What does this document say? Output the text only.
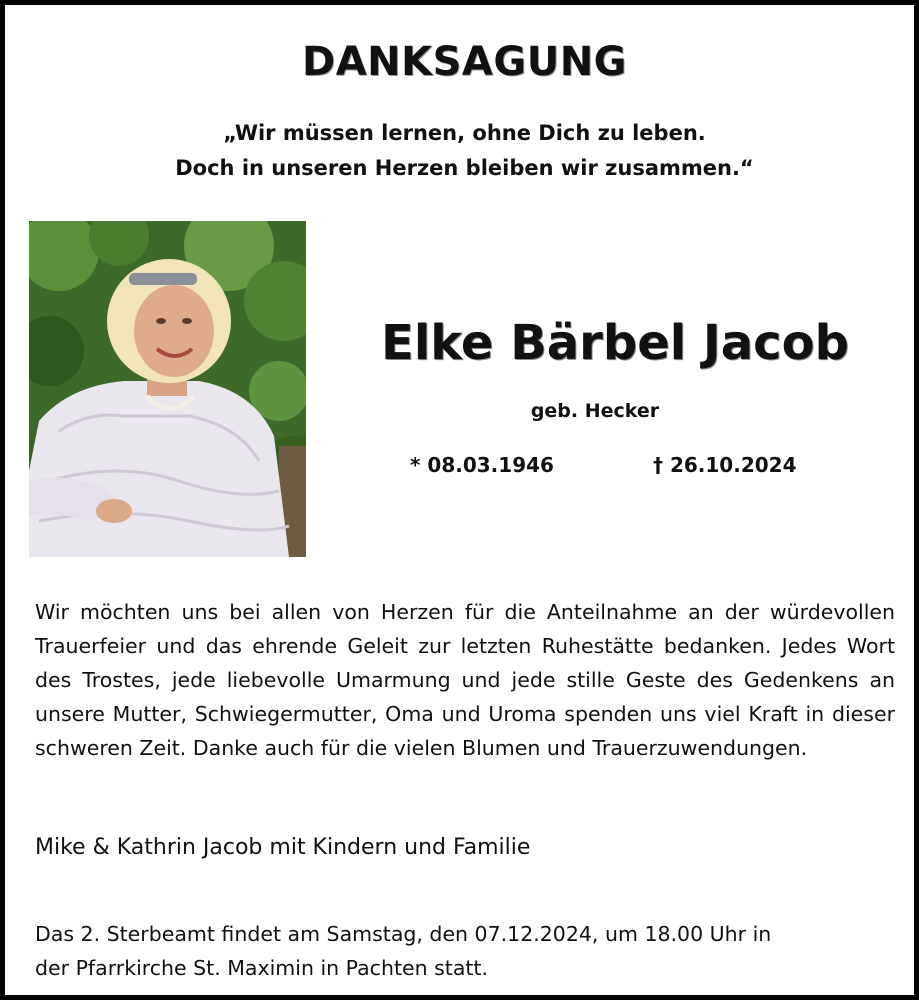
DANKSAGUNG
„Wir müssen lernen, ohne Dich zu leben.
Doch in unseren Herzen bleiben wir zusammen.“
Elke Bärbel Jacob
geb. Hecker
* 08.03.1946	† 26.10.2024
Wir möchten uns bei allen von Herzen für die Anteilnahme an der würdevollen Trauerfeier und das ehrende Geleit zur letzten Ruhestätte bedanken. Jedes Wort des Trostes, jede liebevolle Umarmung und jede stille Geste des Gedenkens an unsere Mutter, Schwiegermutter, Oma und Uroma spenden uns viel Kraft in dieser schweren Zeit. Danke auch für die vielen Blumen und Trauerzuwendungen.
Mike & Kathrin Jacob mit Kindern und Familie
Das 2. Sterbeamt findet am Samstag, den 07.12.2024, um 18.00 Uhr in
der Pfarrkirche St. Maximin in Pachten statt.
